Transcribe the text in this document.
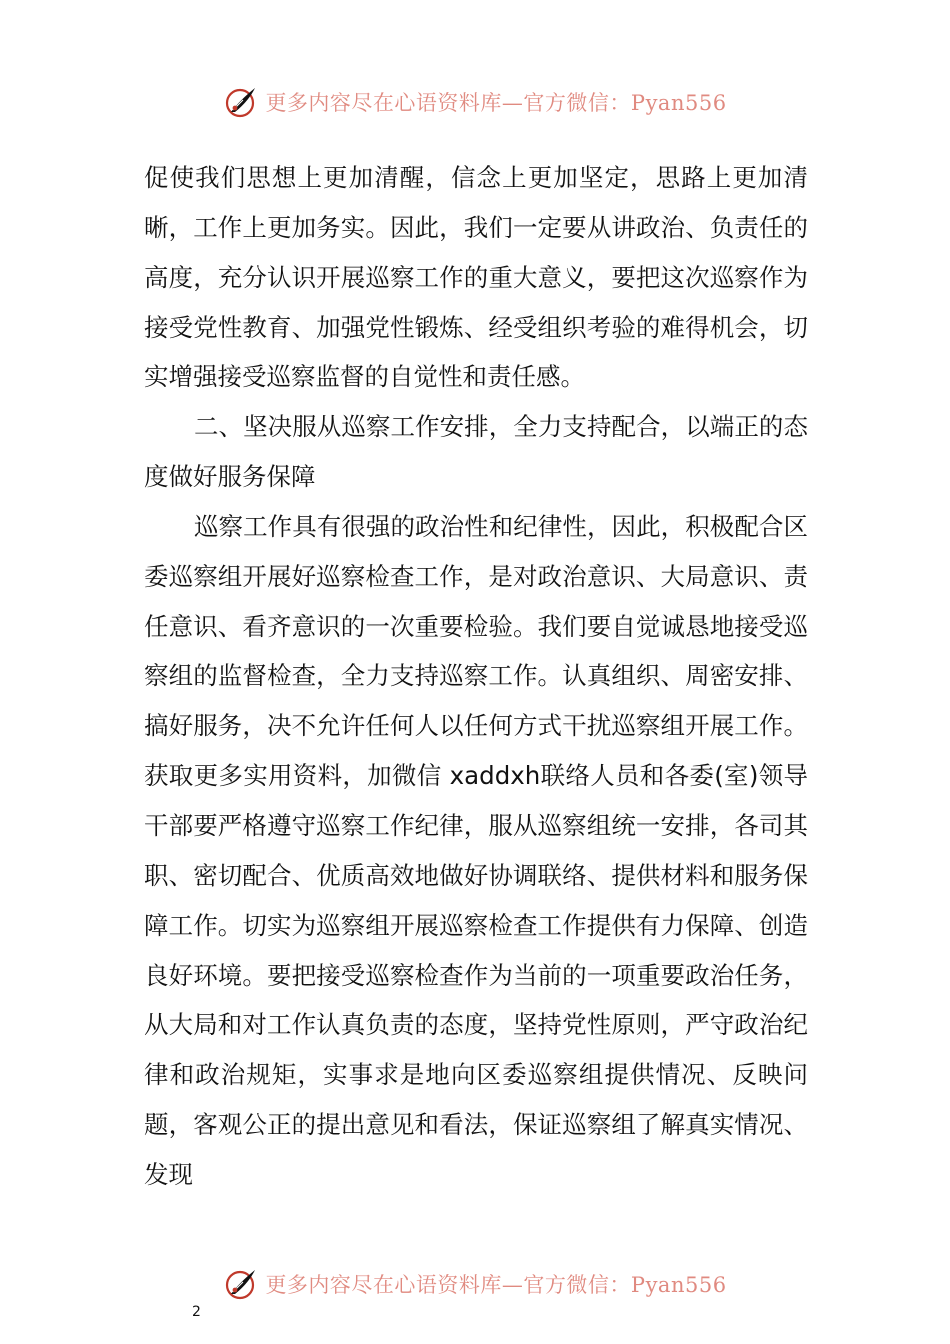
更多内容尽在心语资料库—官方微信：Pyan556

促使我们思想上更加清醒，信念上更加坚定，思路上更加清晰，工作上更加务实。因此，我们一定要从讲政治、负责任的高度，充分认识开展巡察工作的重大意义，要把这次巡察作为接受党性教育、加强党性锻炼、经受组织考验的难得机会，切实增强接受巡察监督的自觉性和责任感。

二、坚决服从巡察工作安排，全力支持配合，以端正的态度做好服务保障

巡察工作具有很强的政治性和纪律性，因此，积极配合区委巡察组开展好巡察检查工作，是对政治意识、大局意识、责任意识、看齐意识的一次重要检验。我们要自觉诚恳地接受巡察组的监督检查，全力支持巡察工作。认真组织、周密安排、搞好服务，决不允许任何人以任何方式干扰巡察组开展工作。获取更多实用资料，加微信 xaddxh联络人员和各委(室)领导干部要严格遵守巡察工作纪律，服从巡察组统一安排，各司其职、密切配合、优质高效地做好协调联络、提供材料和服务保障工作。切实为巡察组开展巡察检查工作提供有力保障、创造良好环境。要把接受巡察检查作为当前的一项重要政治任务，从大局和对工作认真负责的态度，坚持党性原则，严守政治纪律和政治规矩，实事求是地向区委巡察组提供情况、反映问题，客观公正的提出意见和看法，保证巡察组了解真实情况、发现

更多内容尽在心语资料库—官方微信：Pyan556
2
